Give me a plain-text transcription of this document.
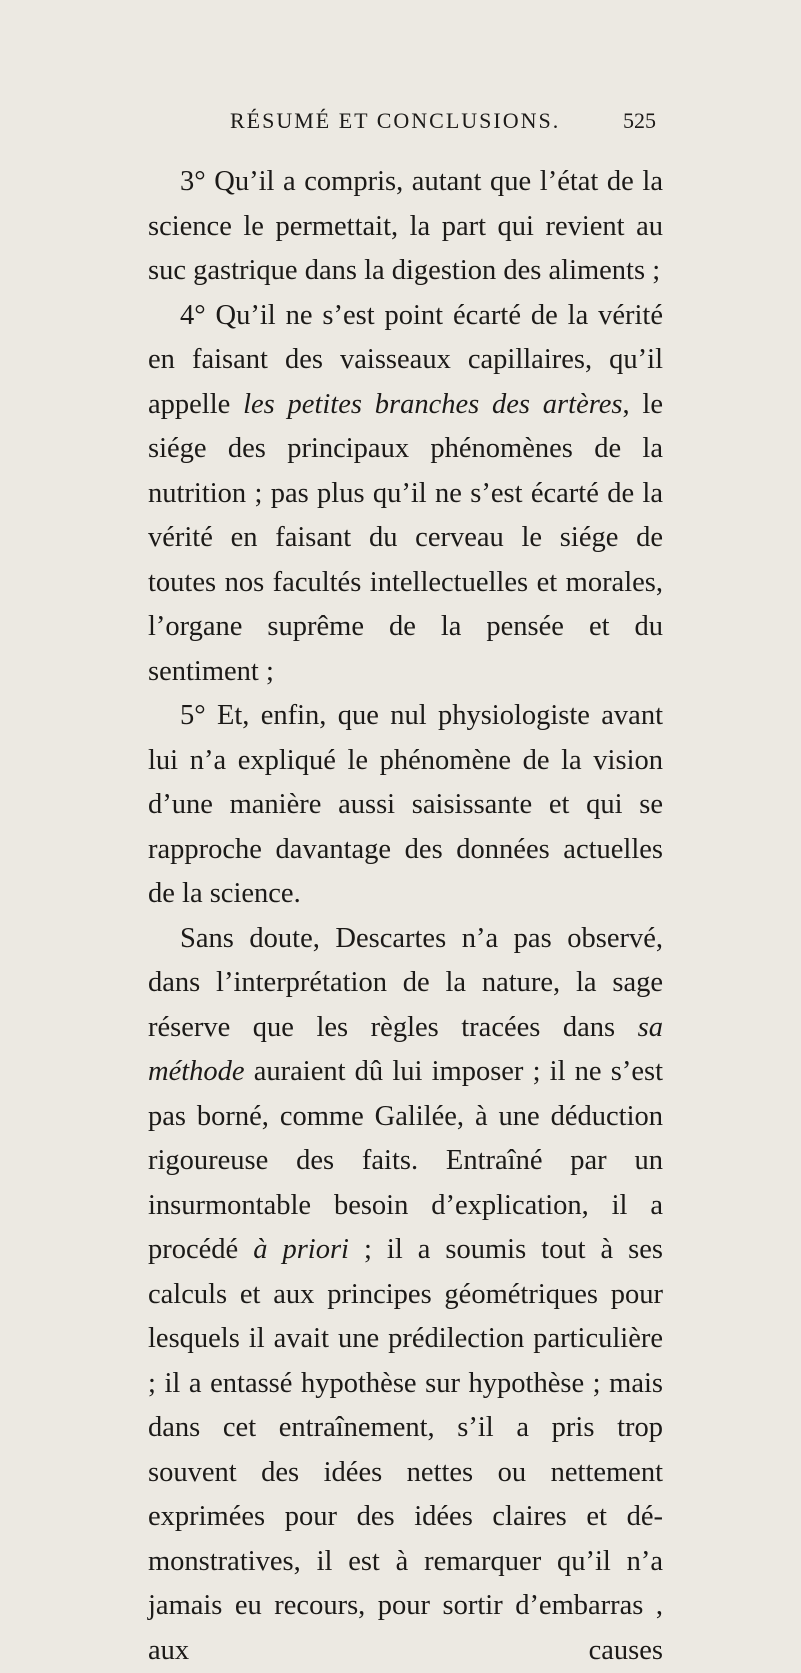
RÉSUMÉ ET CONCLUSIONS.	525

3° Qu’il a compris, autant que l’état de la science le permettait, la part qui revient au suc gastrique dans la digestion des aliments ;

4° Qu’il ne s’est point écarté de la vérité en faisant des vaisseaux capillaires, qu’il appelle les petites branches des artères, le siége des principaux phénomènes de la nutrition ; pas plus qu’il ne s’est écarté de la vérité en faisant du cerveau le siége de toutes nos facultés intellectuelles et morales, l’organe suprême de la pensée et du sentiment ;

5° Et, enfin, que nul physiologiste avant lui n’a expliqué le phénomène de la vision d’une manière aussi saisissante et qui se rapproche davantage des données actuelles de la science.

Sans doute, Descartes n’a pas observé, dans l’interprétation de la nature, la sage réserve que les règles tracées dans sa méthode auraient dû lui imposer ; il ne s’est pas borné, comme Galilée, à une déduction rigoureuse des faits. Entraîné par un insurmontable besoin d’explication, il a procédé à priori ; il a soumis tout à ses calculs et aux principes géométriques pour lesquels il avait une prédilection particulière ; il a entassé hypothèse sur hypothèse ; mais dans cet entraînement, s’il a pris trop souvent des idées nettes ou nettement exprimées pour des idées claires et démonstratives, il est à remarquer qu’il n’a jamais eu recours, pour sortir d’embarras , aux causes
